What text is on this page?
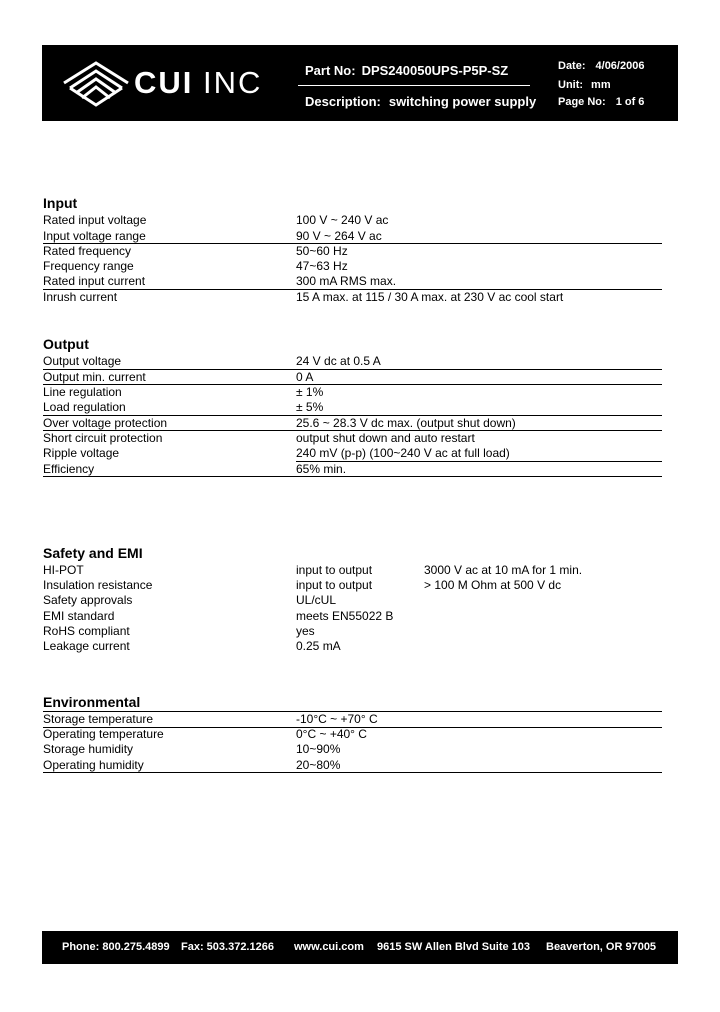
CUI INC	Part No: DPS240050UPS-P5P-SZ
Description: switching power supply
Date: 4/06/2006
Unit: mm
Page No: 1 of 6
Input
Rated input voltage	100 V ~ 240 V ac
Input voltage range	90 V ~ 264 V ac
Rated frequency	50~60 Hz
Frequency range	47~63 Hz
Rated input current	300 mA RMS max.
Inrush current	15 A max. at 115 / 30 A max. at 230 V ac cool start
Output
Output voltage	24 V dc at 0.5 A
Output min. current	0 A
Line regulation	± 1%
Load regulation	± 5%
Over voltage protection	25.6 ~ 28.3 V dc max. (output shut down)
Short circuit protection	output shut down and auto restart
Ripple voltage	240 mV (p-p) (100~240 V ac at full load)
Efficiency	65% min.
Safety and EMI
HI-POT	input to output	3000 V ac at 10 mA for 1 min.
Insulation resistance	input to output	> 100 M Ohm at 500 V dc
Safety approvals	UL/cUL
EMI standard	meets EN55022 B
RoHS compliant	yes
Leakage current	0.25 mA
Environmental
Storage temperature	-10°C ~ +70° C
Operating temperature	0°C ~ +40° C
Storage humidity	10~90%
Operating humidity	20~80%
Phone: 800.275.4899 Fax: 503.372.1266 www.cui.com 9615 SW Allen Blvd Suite 103 Beaverton, OR 97005
